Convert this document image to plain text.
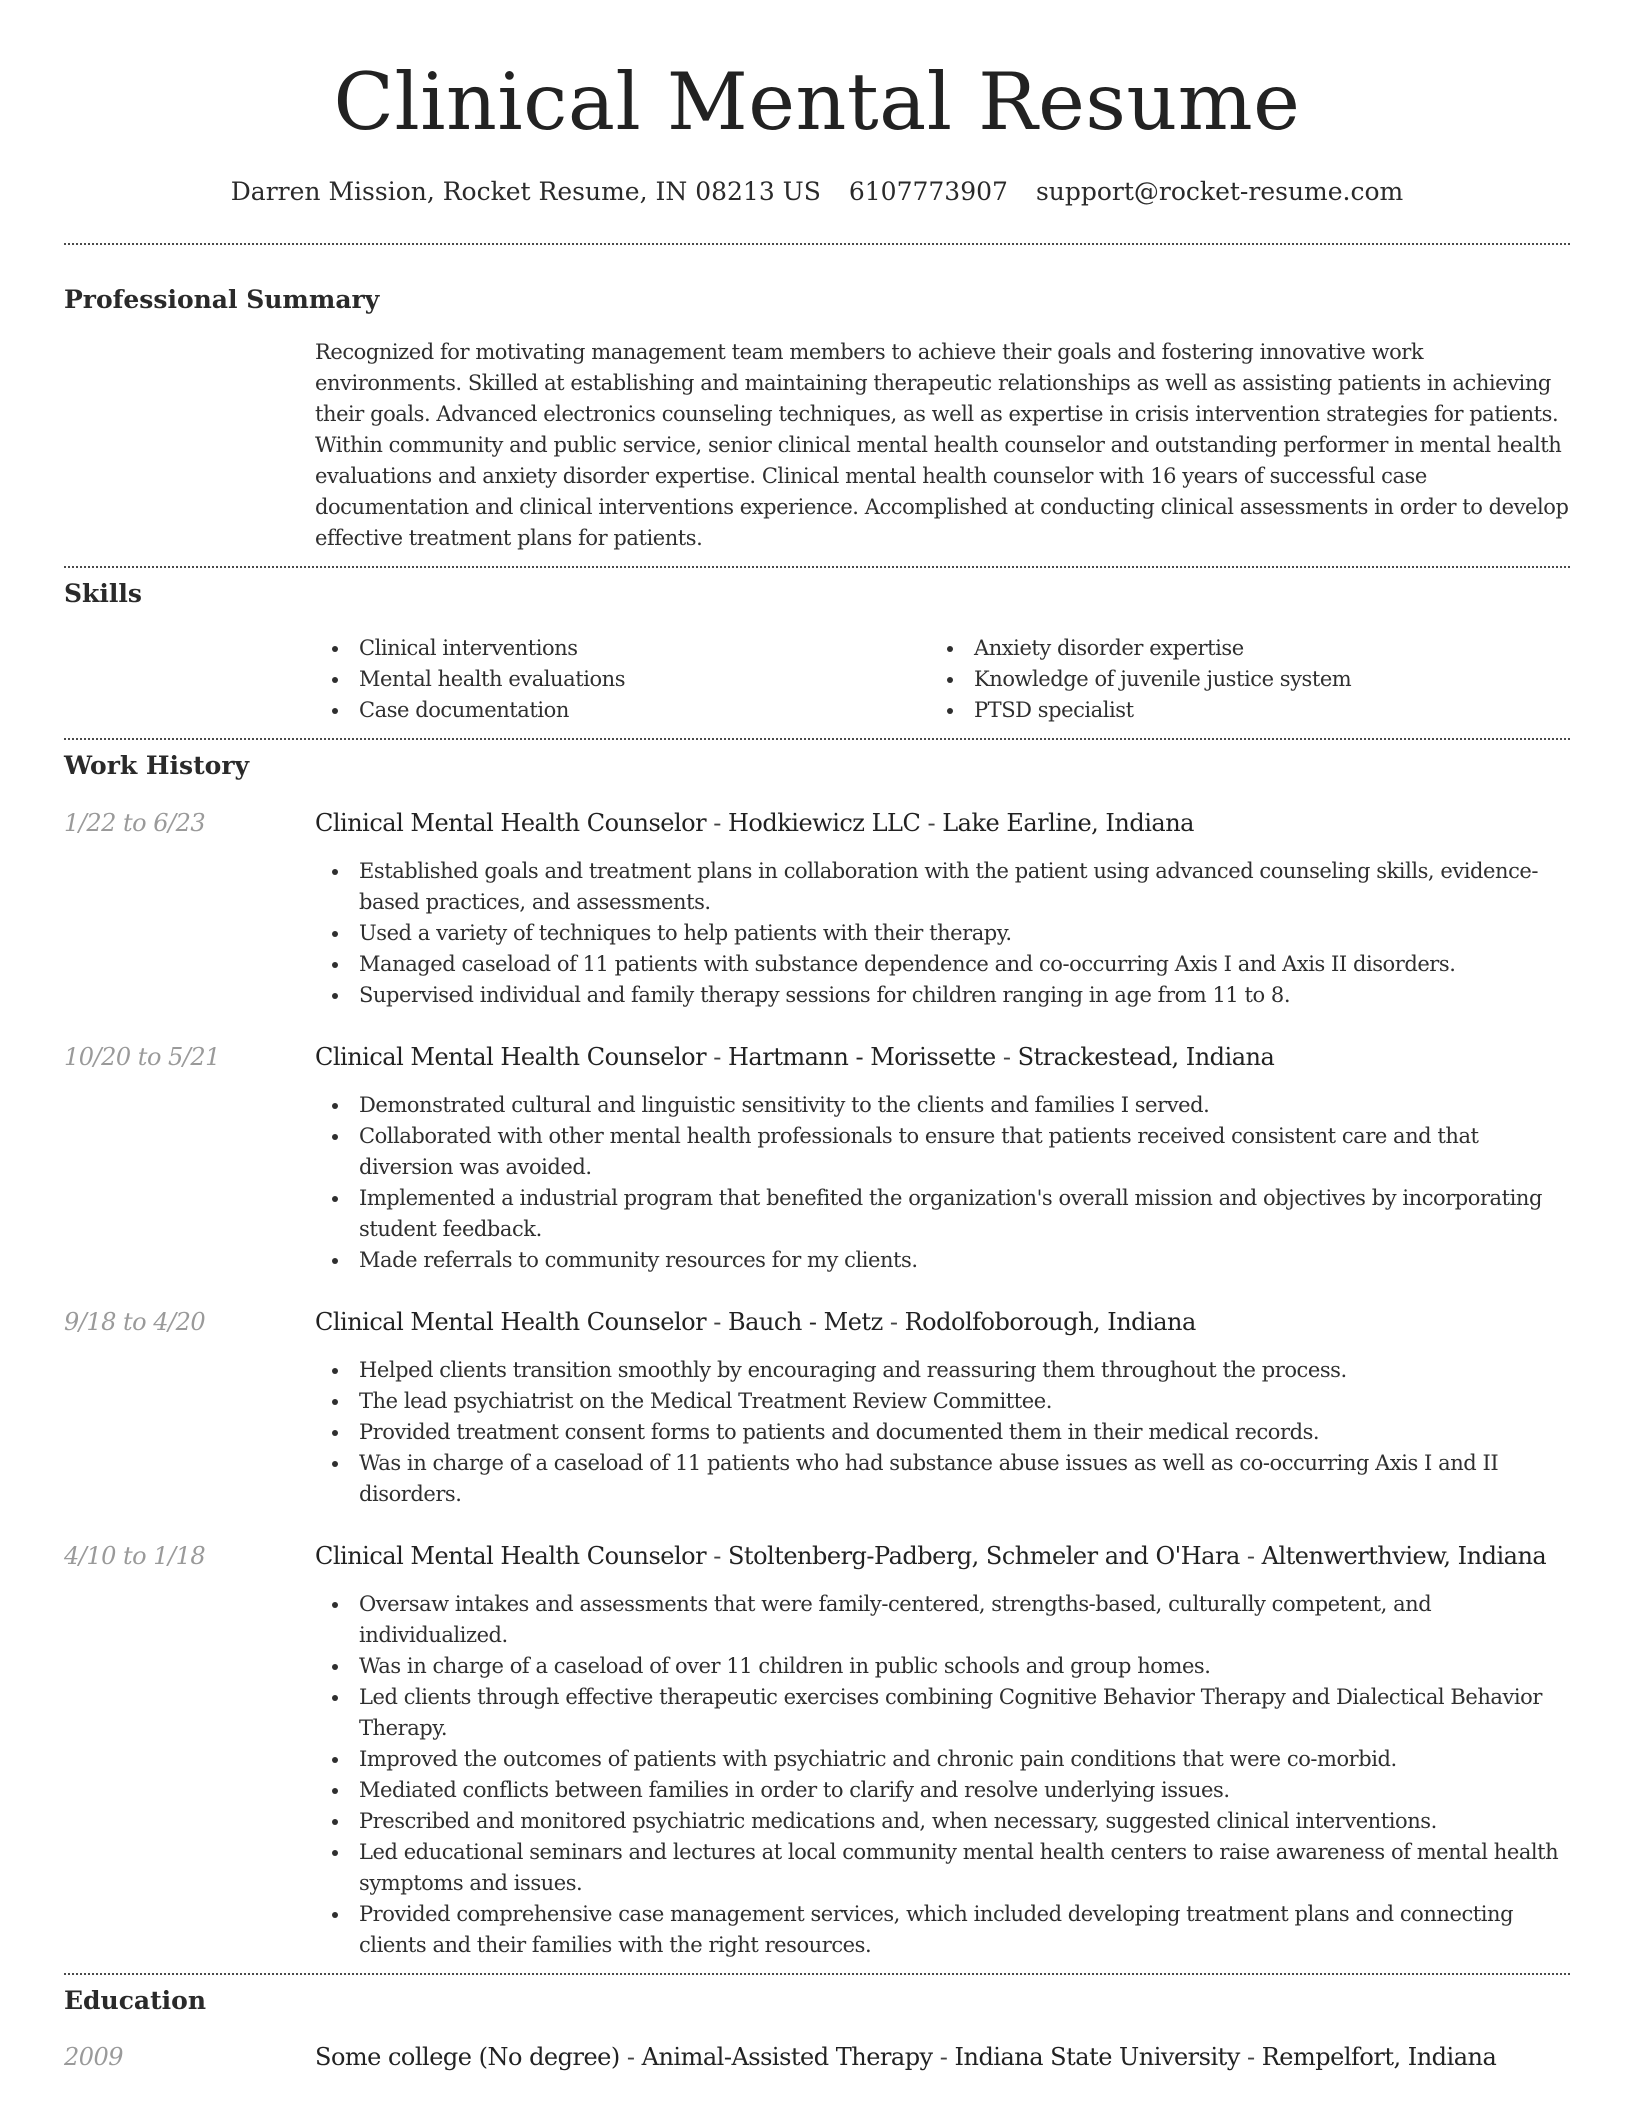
Clinical Mental Resume
Darren Mission, Rocket Resume, IN 08213 US 6107773907 support@rocket-resume.com
Professional Summary

Recognized for motivating management team members to achieve their goals and fostering innovative work environments. Skilled at establishing and maintaining therapeutic relationships as well as assisting patients in achieving their goals. Advanced electronics counseling techniques, as well as expertise in crisis intervention strategies for patients. Within community and public service, senior clinical mental health counselor and outstanding performer in mental health evaluations and anxiety disorder expertise. Clinical mental health counselor with 16 years of successful case documentation and clinical interventions experience. Accomplished at conducting clinical assessments in order to develop effective treatment plans for patients.

Skills
Clinical interventions
Mental health evaluations
Case documentation
Anxiety disorder expertise
Knowledge of juvenile justice system
PTSD specialist
Work History
1/22 to 6/23	Clinical Mental Health Counselor - Hodkiewicz LLC - Lake Earline, Indiana
Established goals and treatment plans in collaboration with the patient using advanced counseling skills, evidence-based practices, and assessments.
Used a variety of techniques to help patients with their therapy.
Managed caseload of 11 patients with substance dependence and co-occurring Axis I and Axis II disorders.
Supervised individual and family therapy sessions for children ranging in age from 11 to 8.
10/20 to 5/21	Clinical Mental Health Counselor - Hartmann - Morissette - Strackestead, Indiana
Demonstrated cultural and linguistic sensitivity to the clients and families I served.
Collaborated with other mental health professionals to ensure that patients received consistent care and that diversion was avoided.
Implemented a industrial program that benefited the organization's overall mission and objectives by incorporating student feedback.
Made referrals to community resources for my clients.
9/18 to 4/20	Clinical Mental Health Counselor - Bauch - Metz - Rodolfoborough, Indiana
Helped clients transition smoothly by encouraging and reassuring them throughout the process.
The lead psychiatrist on the Medical Treatment Review Committee.
Provided treatment consent forms to patients and documented them in their medical records.
Was in charge of a caseload of 11 patients who had substance abuse issues as well as co-occurring Axis I and II disorders.
4/10 to 1/18	Clinical Mental Health Counselor - Stoltenberg-Padberg, Schmeler and O'Hara - Altenwerthview, Indiana
Oversaw intakes and assessments that were family-centered, strengths-based, culturally competent, and individualized.
Was in charge of a caseload of over 11 children in public schools and group homes.
Led clients through effective therapeutic exercises combining Cognitive Behavior Therapy and Dialectical Behavior Therapy.
Improved the outcomes of patients with psychiatric and chronic pain conditions that were co-morbid.
Mediated conflicts between families in order to clarify and resolve underlying issues.
Prescribed and monitored psychiatric medications and, when necessary, suggested clinical interventions.
Led educational seminars and lectures at local community mental health centers to raise awareness of mental health symptoms and issues.
Provided comprehensive case management services, which included developing treatment plans and connecting clients and their families with the right resources.
Education
2009	Some college (No degree) - Animal-Assisted Therapy - Indiana State University - Rempelfort, Indiana
